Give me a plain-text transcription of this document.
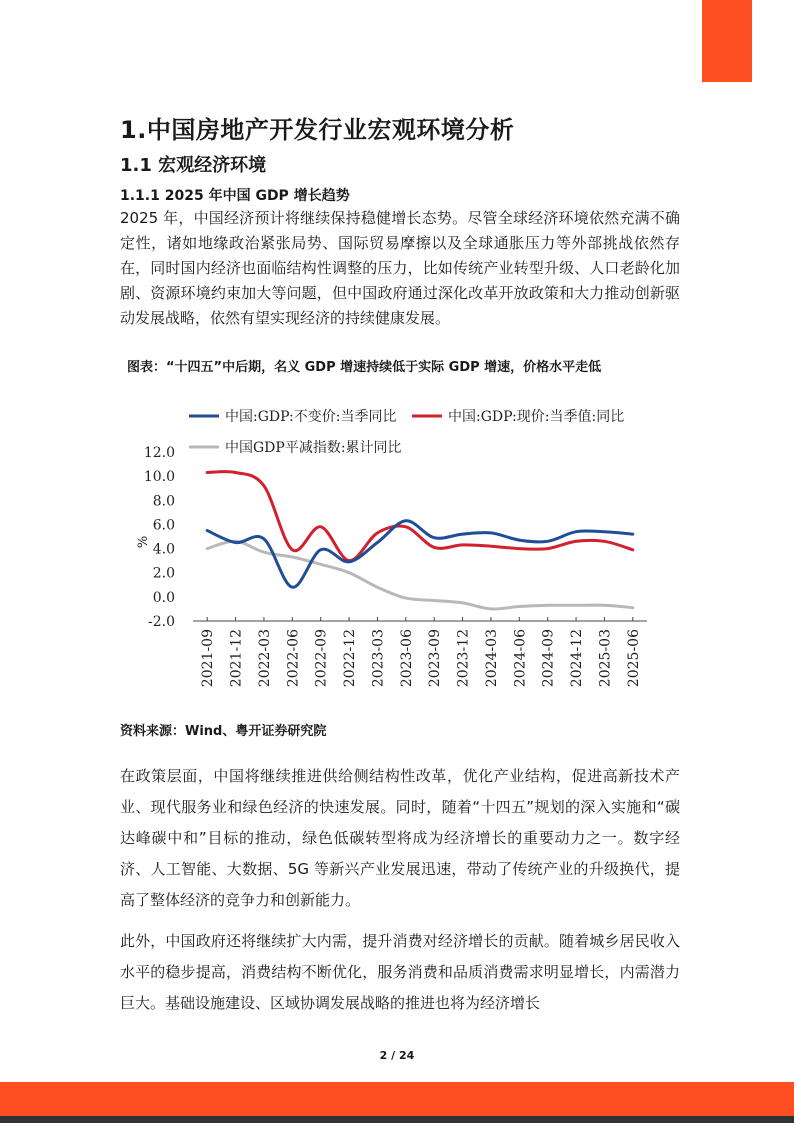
1.中国房地产开发行业宏观环境分析
1.1 宏观经济环境
1.1.1 2025 年中国 GDP 增长趋势

2025 年，中国经济预计将继续保持稳健增长态势。尽管全球经济环境依然充满不确定性，诸如地缘政治紧张局势、国际贸易摩擦以及全球通胀压力等外部挑战依然存在，同时国内经济也面临结构性调整的压力，比如传统产业转型升级、人口老龄化加剧、资源环境约束加大等问题，但中国政府通过深化改革开放政策和大力推动创新驱动发展战略，依然有望实现经济的持续健康发展。

图表：“十四五”中后期，名义 GDP 增速持续低于实际 GDP 增速，价格水平走低
中国:GDP:不变价:当季同比	中国:GDP:现价:当季值:同比
中国GDP平减指数:累计同比
-2.0
0.0
2.0
4.0
6.0
8.0
10.0
12.0
%
2021-09 2021-12 2022-03 2022-06 2022-09 2022-12 2023-03 2023-06 2023-09 2023-12 2024-03 2024-06 2024-09 2024-12 2025-03 2025-06
资料来源：Wind、粤开证券研究院

在政策层面，中国将继续推进供给侧结构性改革，优化产业结构，促进高新技术产业、现代服务业和绿色经济的快速发展。同时，随着“十四五”规划的深入实施和“碳达峰碳中和”目标的推动，绿色低碳转型将成为经济增长的重要动力之一。数字经济、人工智能、大数据、5G 等新兴产业发展迅速，带动了传统产业的升级换代，提高了整体经济的竞争力和创新能力。

此外，中国政府还将继续扩大内需，提升消费对经济增长的贡献。随着城乡居民收入水平的稳步提高，消费结构不断优化，服务消费和品质消费需求明显增长，内需潜力巨大。基础设施建设、区域协调发展战略的推进也将为经济增长

2 / 24
